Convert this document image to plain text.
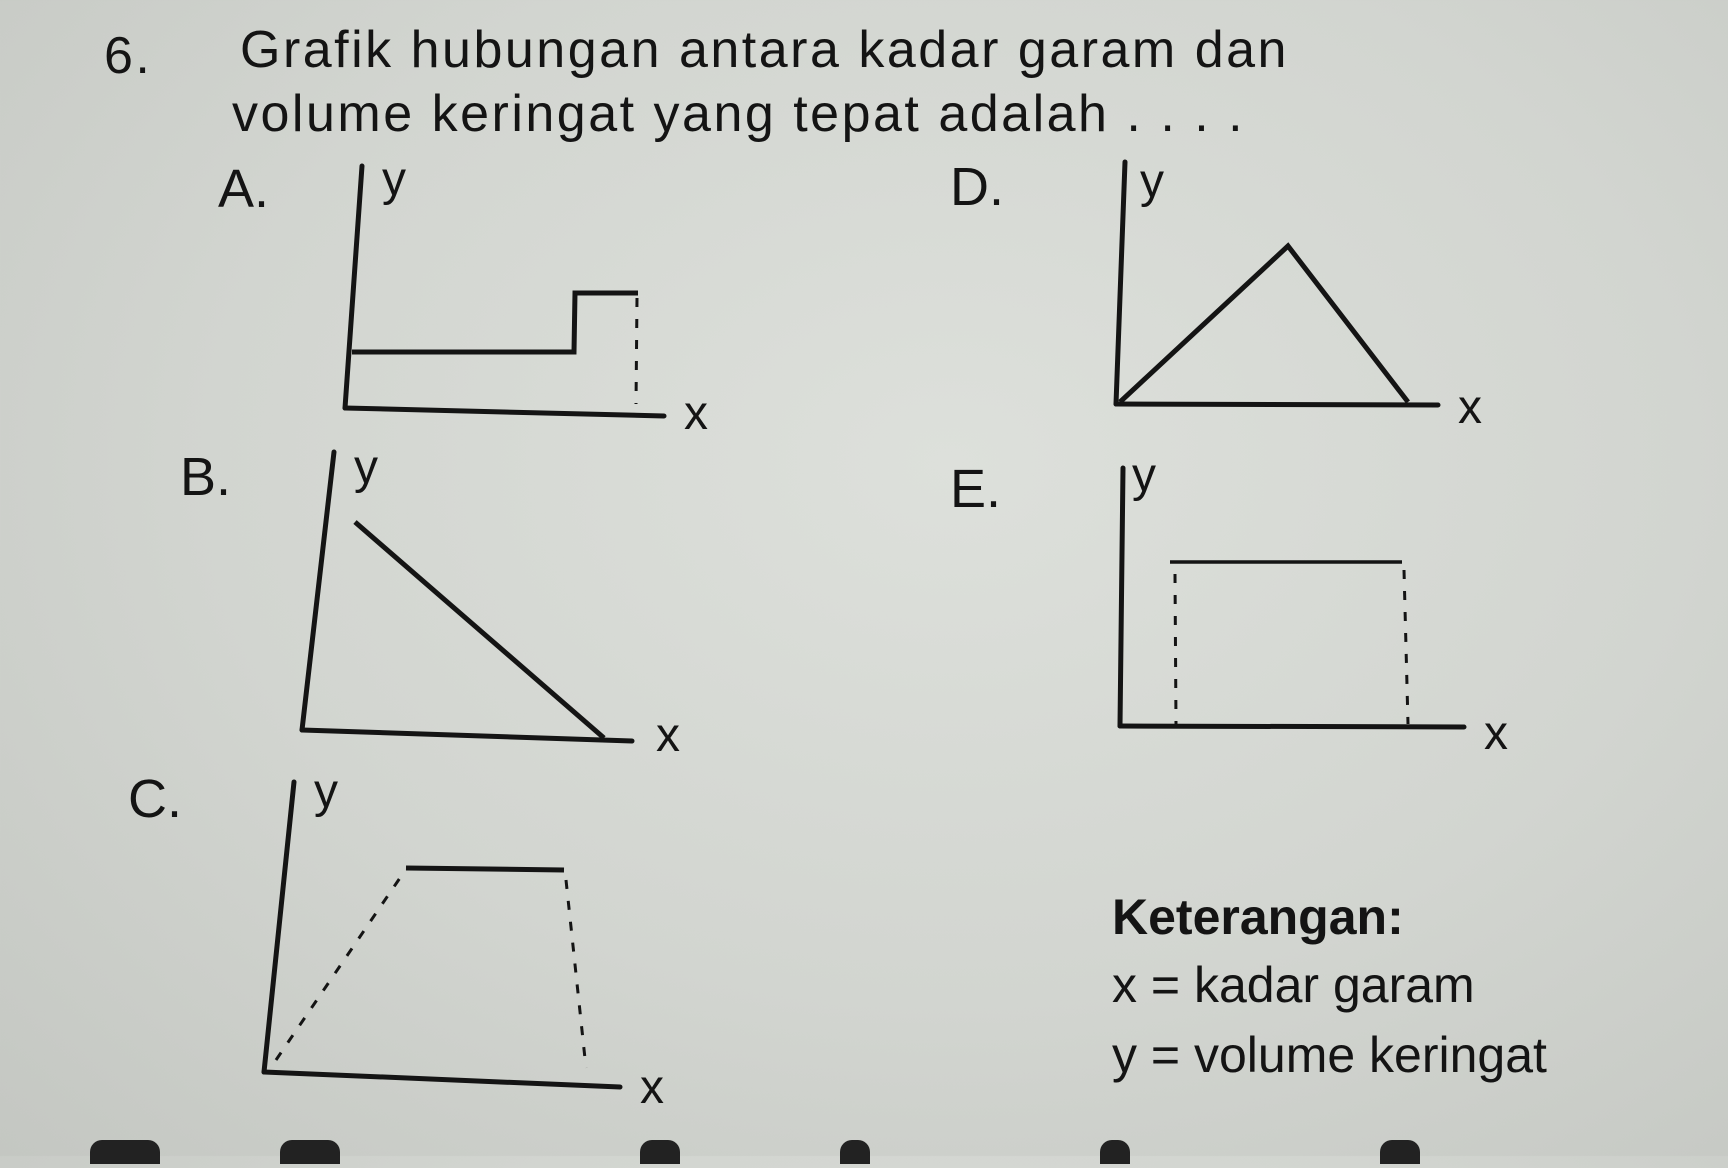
6. Grafik hubungan antara kadar garam dan
volume keringat yang tepat adalah . . . .
A.
B.
C.
D.
E.
y
x
y
x
y
x
y
x
y
x
Keterangan:
x = kadar garam
y = volume keringat
